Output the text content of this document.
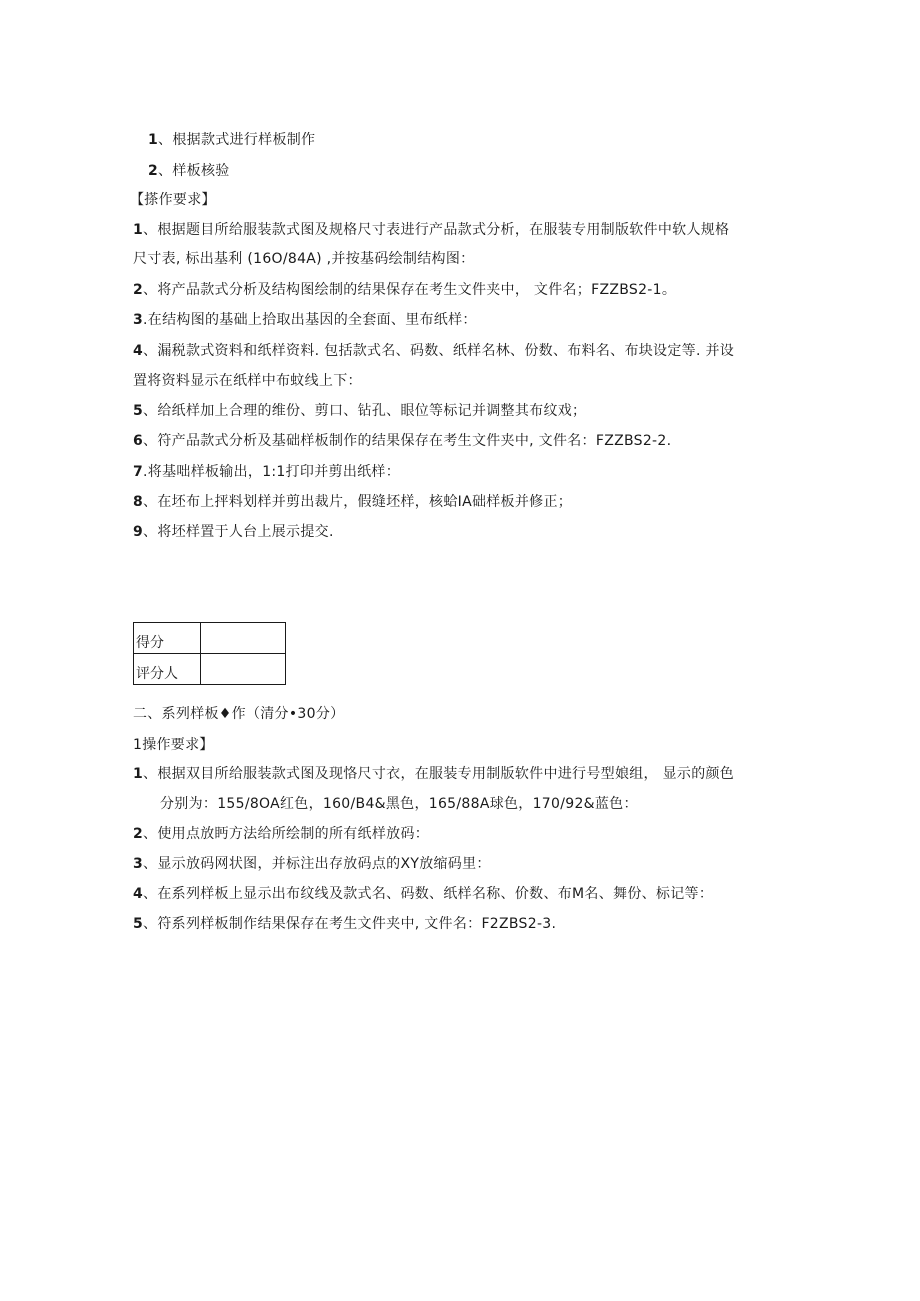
1、根据款式进行样板制作
2、样板核验
【搽作要求】
1、根据题目所给服装款式图及规格尺寸表进行产品款式分析，在服装专用制版软件中软人规格
尺寸表, 标出基利 (16O/84A) ,并按基码绘制结构图：
2、将产品款式分析及结构图绘制的结果保存在考生文件夹中， 文件名；FZZBS2-1。
3.在结构图的基础上拾取出基因的全套面、里布纸样：
4、漏税款式资料和纸样资料. 包括款式名、码数、纸样名林、份数、布料名、布块设定等. 并设
置将资料显示在纸样中布蚊线上下：
5、给纸样加上合理的维份、剪口、钻孔、眼位等标记并调整其布纹戏；
6、符产品款式分析及基础样板制作的结果保存在考生文件夹中, 文件名：FZZBS2-2.
7.将基咄样板输出，1:1打印并剪出纸样：
8、在坯布上抨料划样并剪出裁片，假缝坯样，核蛤IA础样板并修正；
9、将坯样置于人台上展示提交.
得分	
评分人	
二、系列样板♦作（清分•30分）
1操作要求】
1、根据双目所给服装款式图及现恪尺寸衣，在服装专用制版软件中进行号型娘组， 显示的颜色
分别为：155/8OA红色，160/B4&黑色，165/88A球色，170/92&蓝色：
2、使用点放眄方法给所绘制的所有纸样放码：
3、显示放码网状图，并标注出存放码点的XY放缩码里：
4、在系列样板上显示出布纹线及款式名、码数、纸样名称、价数、布M名、舞份、标记等：
5、符系列样板制作结果保存在考生文件夹中, 文件名：F2ZBS2-3.
